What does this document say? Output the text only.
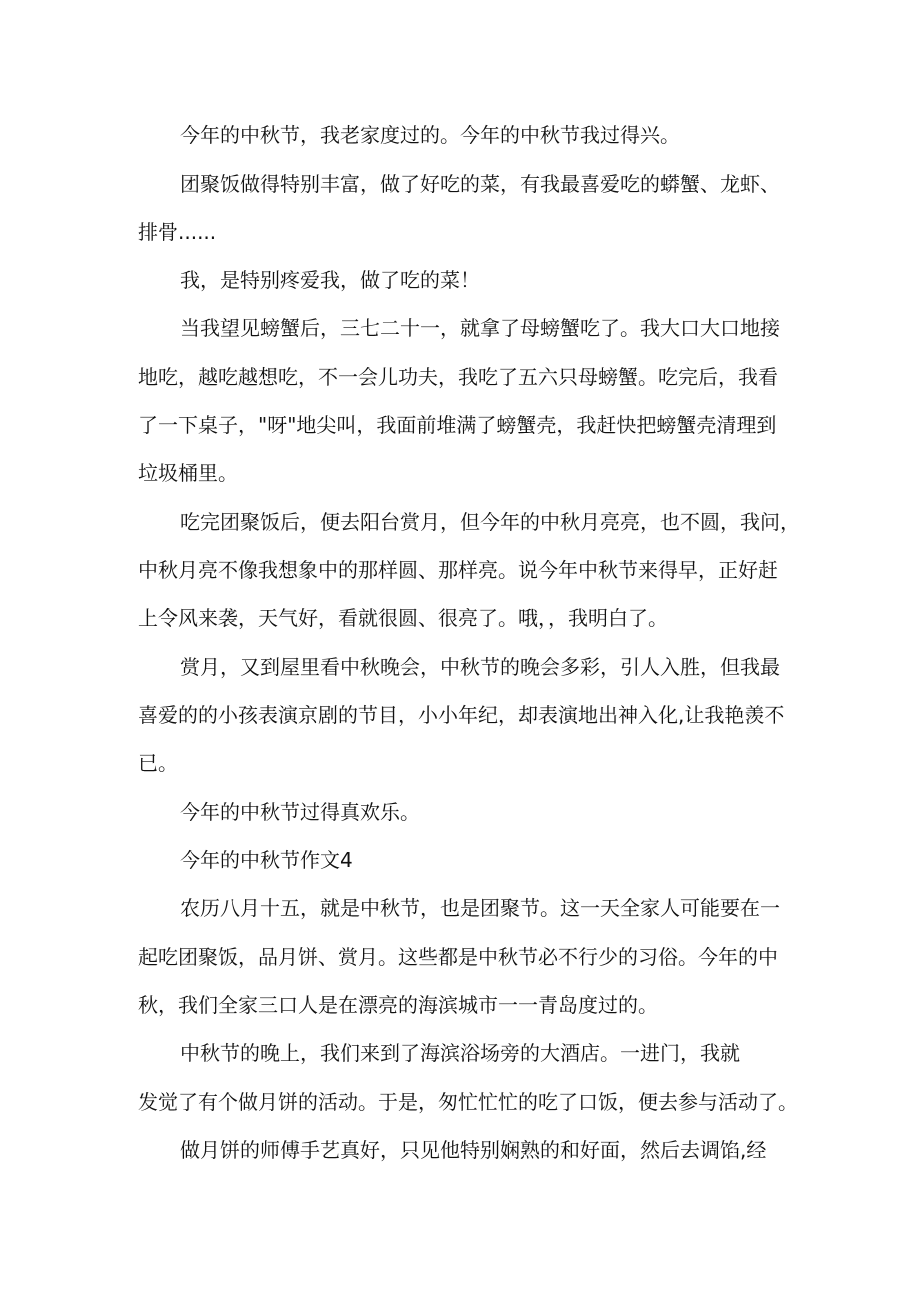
今年的中秋节，我老家度过的。今年的中秋节我过得兴。

团聚饭做得特别丰富，做了好吃的菜，有我最喜爱吃的蟒蟹、龙虾、

排骨......

我，是特别疼爱我，做了吃的菜！

当我望见螃蟹后，三七二十一，就拿了母螃蟹吃了。我大口大口地接

地吃，越吃越想吃，不一会儿功夫，我吃了五六只母螃蟹。吃完后，我看

了一下桌子，"呀"地尖叫，我面前堆满了螃蟹壳，我赶快把螃蟹壳清理到

垃圾桶里。

吃完团聚饭后，便去阳台赏月，但今年的中秋月亮亮，也不圆，我问，

中秋月亮不像我想象中的那样圆、那样亮。说今年中秋节来得早，正好赶

上令风来袭，天气好，看就很圆、很亮了。哦，，我明白了。

赏月，又到屋里看中秋晚会，中秋节的晚会多彩，引人入胜，但我最

喜爱的的小孩表演京剧的节目，小小年纪，却表演地出神入化,让我艳羡不

已。

今年的中秋节过得真欢乐。

今年的中秋节作文4

农历八月十五，就是中秋节，也是团聚节。这一天全家人可能要在一

起吃团聚饭，品月饼、赏月。这些都是中秋节必不行少的习俗。今年的中

秋，我们全家三口人是在漂亮的海滨城市一一青岛度过的。

中秋节的晚上，我们来到了海滨浴场旁的大酒店。一进门，我就

发觉了有个做月饼的活动。于是，匆忙忙忙的吃了口饭，便去参与活动了。

做月饼的师傅手艺真好，只见他特别娴熟的和好面，然后去调馅,经
